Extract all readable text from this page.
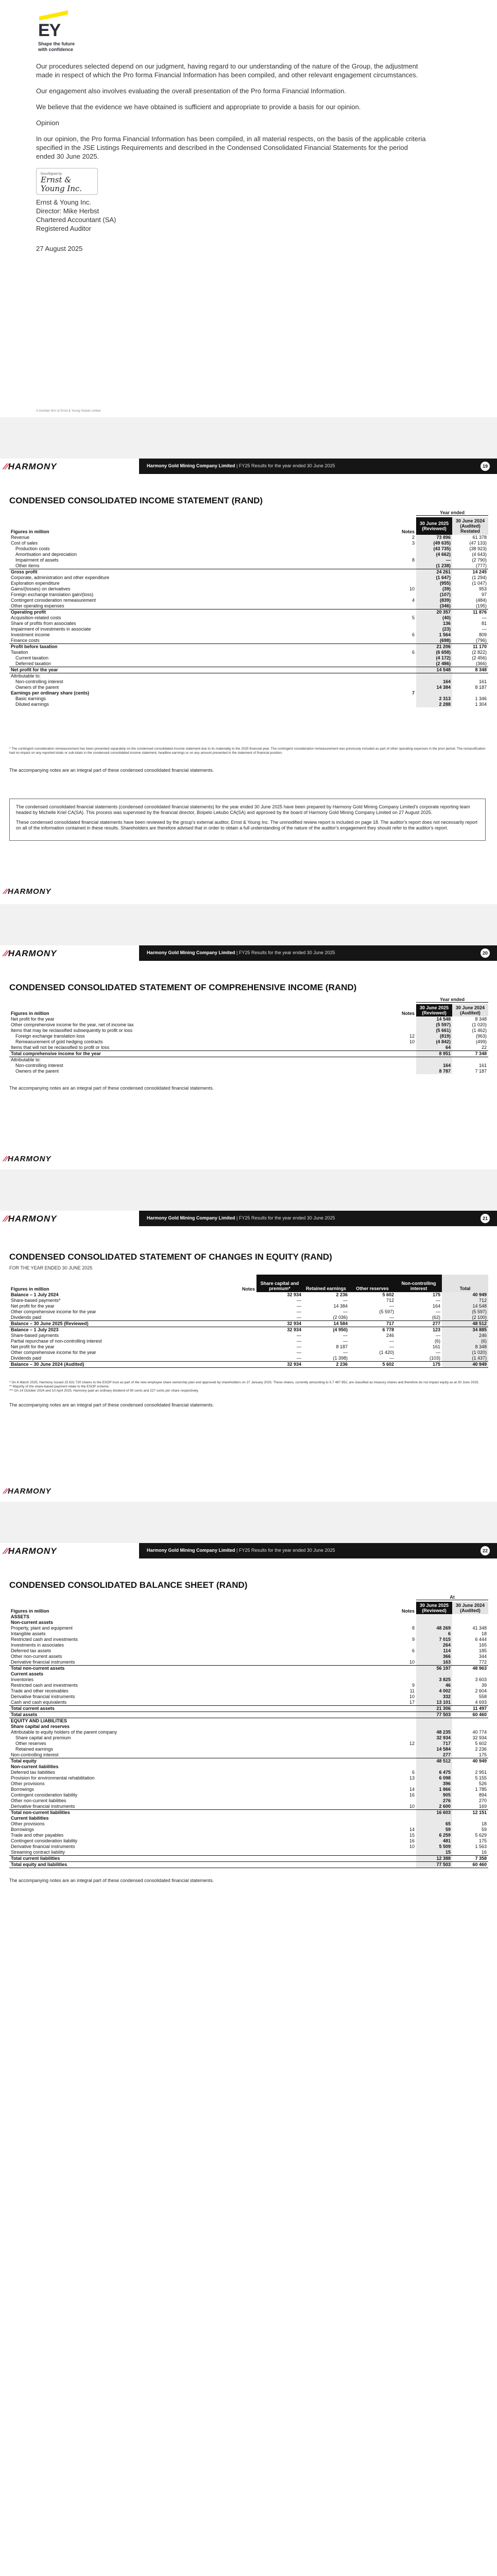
EY
Shape the future
with confidence

Our procedures selected depend on our judgment, having regard to our understanding of the nature of the Group, the adjustment made in respect of which the Pro forma Financial Information has been compiled, and other relevant engagement circumstances.

Our engagement also involves evaluating the overall presentation of the Pro forma Financial Information.

We believe that the evidence we have obtained is sufficient and appropriate to provide a basis for our opinion.

Opinion

In our opinion, the Pro forma Financial Information has been compiled, in all material respects, on the basis of the applicable criteria specified in the JSE Listings Requirements and described in the Condensed Consolidated Financial Statements for the period ended 30 June 2025.

DocuSigned by:
Ernst & Young Inc.
Ernst & Young Inc.
Director: Mike Herbst
Chartered Accountant (SA)
Registered Auditor
27 August 2025
A member firm of Ernst & Young Global Limited
⁄⁄HARMONY	Harmony Gold Mining Company Limited | FY25 Results for the year ended 30 June 2025	19
CONDENSED CONSOLIDATED INCOME STATEMENT (RAND)
Year ended
Figures in million	Notes	30 June 2025 (Reviewed)	30 June 2024 (Audited) Restated
Revenue	2	73 896	61 378
Cost of sales	3	(49 635)	(47 133)
Production costs		(43 735)	(38 923)
Amortisation and depreciation		(4 662)	(4 643)
Impairment of assets	8	—	(2 790)
Other items		(1 238)	(777)
Gross profit		24 261	14 245
Corporate, administration and other expenditure		(1 647)	(1 294)
Exploration expenditure		(955)	(1 047)
Gains/(losses) on derivatives	10	(39)	953
Foreign exchange translation gain/(loss)		(107)	97
Contingent consideration remeasurement	4	(839)	(484)
Other operating expenses		(346)	(195)
Operating profit		20 357	11 876
Acquisition-related costs	5	(40)	—
Share of profits from associates		136	81
Impairment of investments in associate		(23)	—
Investment income	6	1 564	809
Finance costs		(698)	(796)
Profit before taxation		21 206	11 170
Taxation	6	(6 658)	(2 822)
Current taxation		(4 172)	(2 456)
Deferred taxation		(2 486)	(366)
Net profit for the year		14 548	8 348
Attributable to:			
Non-controlling interest		164	161
Owners of the parent		14 384	8 187
Earnings per ordinary share (cents)	7		
Basic earnings		2 313	1 346
Diluted earnings		2 288	1 304
* The contingent consideration remeasurement has been presented separately on the condensed consolidated income statement due to its materiality in the 2025 financial year. The contingent consideration remeasurement was previously included as part of other operating expenses in the prior period. The reclassification had no impact on any reported totals or sub-totals in the condensed consolidated income statement, headline earnings or on any amount presented in the statement of financial position.
The accompanying notes are an integral part of these condensed consolidated financial statements.

The condensed consolidated financial statements (condensed consolidated financial statements) for the year ended 30 June 2025 have been prepared by Harmony Gold Mining Company Limited's corporate reporting team headed by Michelle Kriel CA(SA). This process was supervised by the financial director, Boipelo Lekubo CA(SA) and approved by the board of Harmony Gold Mining Company Limited on 27 August 2025.

These condensed consolidated financial statements have been reviewed by the group's external auditor, Ernst & Young Inc. The unmodified review report is included on page 18. The auditor's report does not necessarily report on all of the information contained in these results. Shareholders are therefore advised that in order to obtain a full understanding of the nature of the auditor's engagement they should refer to the auditor's report.

⁄⁄HARMONY
⁄⁄HARMONY	Harmony Gold Mining Company Limited | FY25 Results for the year ended 30 June 2025	20
CONDENSED CONSOLIDATED STATEMENT OF COMPREHENSIVE INCOME (RAND)
Year ended
Figures in million	Notes	30 June 2025 (Reviewed)	30 June 2024 (Audited)
Net profit for the year		14 548	8 348
Other comprehensive income for the year, net of income tax		(5 597)	(1 020)
Items that may be reclassified subsequently to profit or loss		(5 661)	(1 462)
Foreign exchange translation loss	12	(819)	(963)
Remeasurement of gold hedging contracts	10	(4 842)	(499)
Items that will not be reclassified to profit or loss		64	22
Total comprehensive income for the year		8 951	7 348
Attributable to:			
Non-controlling interest		164	161
Owners of the parent		8 787	7 187
The accompanying notes are an integral part of these condensed consolidated financial statements.
⁄⁄HARMONY
⁄⁄HARMONY	Harmony Gold Mining Company Limited | FY25 Results for the year ended 30 June 2025	21
CONDENSED CONSOLIDATED STATEMENT OF CHANGES IN EQUITY (RAND)
FOR THE YEAR ENDED 30 JUNE 2025
Figures in million	Notes	Share capital and premium*	Retained earnings	Other reserves	Non-controlling interest	Total
Balance – 1 July 2024		32 934	2 236	5 602	175	40 949
Share-based payments*		—	—	712	—	712
Net profit for the year		—	14 384	—	164	14 548
Other comprehensive income for the year		—	—	(5 597)	—	(5 597)
Dividends paid		—	(2 036)	—	(62)	(2 100)
Balance – 30 June 2025 (Reviewed)		32 934	14 584	717	277	48 512
Balance – 1 July 2023		32 934	(4 950)	6 778	123	34 885
Share-based payments		—	—	246	—	246
Partial repurchase of non-controlling interest		—	—	—	(6)	(6)
Net profit for the year		—	8 187	—	161	8 348
Other comprehensive income for the year		—	—	(1 420)	—	(1 020)
Dividends paid		—	(1 398)	—	(103)	(1 437)
Balance – 30 June 2024 (Audited)		32 934	2 236	5 602	175	40 949
* On 6 March 2025, Harmony issued 15 631 720 shares to the ESOP trust as part of the new employee share ownership plan and approved by shareholders on 27 January 2025. These shares, currently amounting to 5.7 487 852, are classified as treasury shares and therefore do not impact equity as at 30 June 2025.
** Majority of the share-based payment relate to the ESOP scheme.
*** On 14 October 2024 and 10 April 2025, Harmony paid an ordinary dividend of 90 cents and 227 cents per share respectively.
The accompanying notes are an integral part of these condensed consolidated financial statements.
⁄⁄HARMONY
⁄⁄HARMONY	Harmony Gold Mining Company Limited | FY25 Results for the year ended 30 June 2025	22
CONDENSED CONSOLIDATED BALANCE SHEET (RAND)
At
Figures in million	Notes	30 June 2025 (Reviewed)	30 June 2024 (Audited)
ASSETS			
Non-current assets			
Property, plant and equipment	8	48 269	41 348
Intangible assets		6	18
Restricted cash and investments	9	7 015	6 444
Investments in associates		264	165
Deferred tax assets	6	114	185
Other non-current assets		366	344
Derivative financial instruments	10	163	772
Total non-current assets		56 197	48 963
Current assets			
Inventories		3 825	3 603
Restricted cash and investments	9	46	39
Trade and other receivables	11	4 002	2 604
Derivative financial instruments	10	332	558
Cash and cash equivalents	17	13 101	4 693
Total current assets		21 306	11 497
Total assets		77 503	60 460
EQUITY AND LIABILITIES			
Share capital and reserves			
Attributable to equity holders of the parent company		48 235	40 774
Share capital and premium		32 934	32 934
Other reserves	12	717	5 602
Retained earnings		14 584	2 236
Non-controlling interest		277	175
Total equity		48 512	40 949
Non-current liabilities			
Deferred tax liabilities	6	6 475	2 951
Provision for environmental rehabilitation	13	6 098	5 155
Other provisions		396	526
Borrowings	14	1 866	1 785
Contingent consideration liability	16	905	894
Other non-current liabilities		276	270
Derivative financial instruments	10	2 600	169
Total non-current liabilities		16 603	12 151
Current liabilities			
Other provisions		65	18
Borrowings	14	59	59
Trade and other payables	15	6 259	5 629
Contingent consideration liability	16	481	175
Derivative financial instruments	10	5 509	1 563
Streaming contract liability		15	16
Total current liabilities		12 388	7 358
Total equity and liabilities		77 503	60 460
The accompanying notes are an integral part of these condensed consolidated financial statements.
